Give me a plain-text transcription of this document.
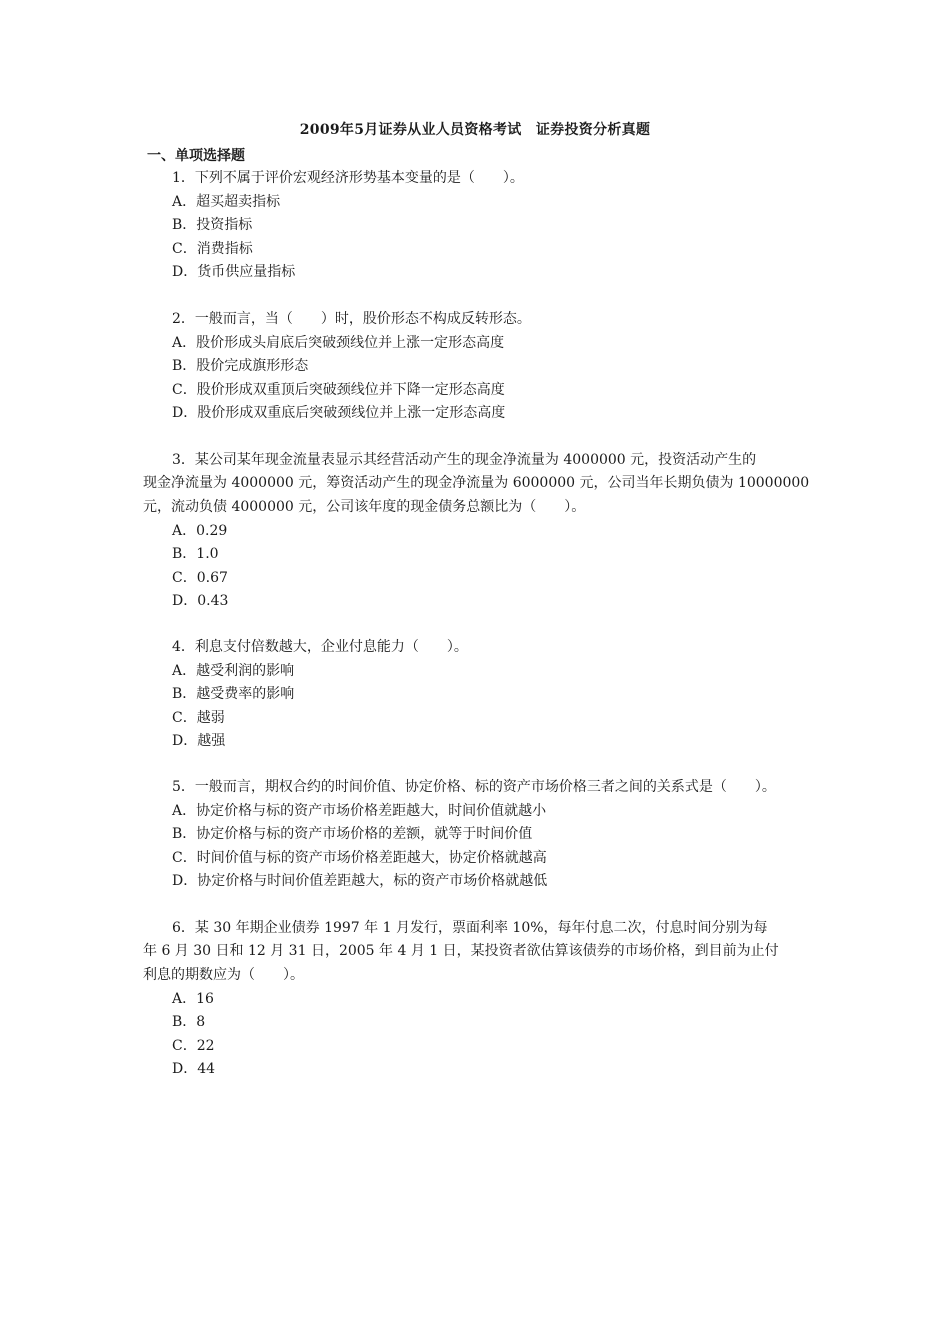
2009年5月证券从业人员资格考试　证券投资分析真题
一、单项选择题
1．下列不属于评价宏观经济形势基本变量的是（　　）。
A．超买超卖指标
B．投资指标
C．消费指标
D．货币供应量指标
2．一般而言，当（　　）时，股价形态不构成反转形态。
A．股价形成头肩底后突破颈线位并上涨一定形态高度
B．股价完成旗形形态
C．股价形成双重顶后突破颈线位并下降一定形态高度
D．股价形成双重底后突破颈线位并上涨一定形态高度
3．某公司某年现金流量表显示其经营活动产生的现金净流量为 4000000 元，投资活动产生的
现金净流量为 4000000 元，筹资活动产生的现金净流量为 6000000 元，公司当年长期负债为 10000000
元，流动负债 4000000 元，公司该年度的现金债务总额比为（　　）。
A．0.29
B．1.0
C．0.67
D．0.43
4．利息支付倍数越大，企业付息能力（　　）。
A．越受利润的影响
B．越受费率的影响
C．越弱
D．越强
5．一般而言，期权合约的时间价值、协定价格、标的资产市场价格三者之间的关系式是（　　）。
A．协定价格与标的资产市场价格差距越大，时间价值就越小
B．协定价格与标的资产市场价格的差额，就等于时间价值
C．时间价值与标的资产市场价格差距越大，协定价格就越高
D．协定价格与时间价值差距越大，标的资产市场价格就越低
6．某 30 年期企业债券 1997 年 1 月发行，票面利率 10%，每年付息二次，付息时间分别为每
年 6 月 30 日和 12 月 31 日，2005 年 4 月 1 日，某投资者欲估算该债券的市场价格，到目前为止付
利息的期数应为（　　）。
A．16
B．8
C．22
D．44
